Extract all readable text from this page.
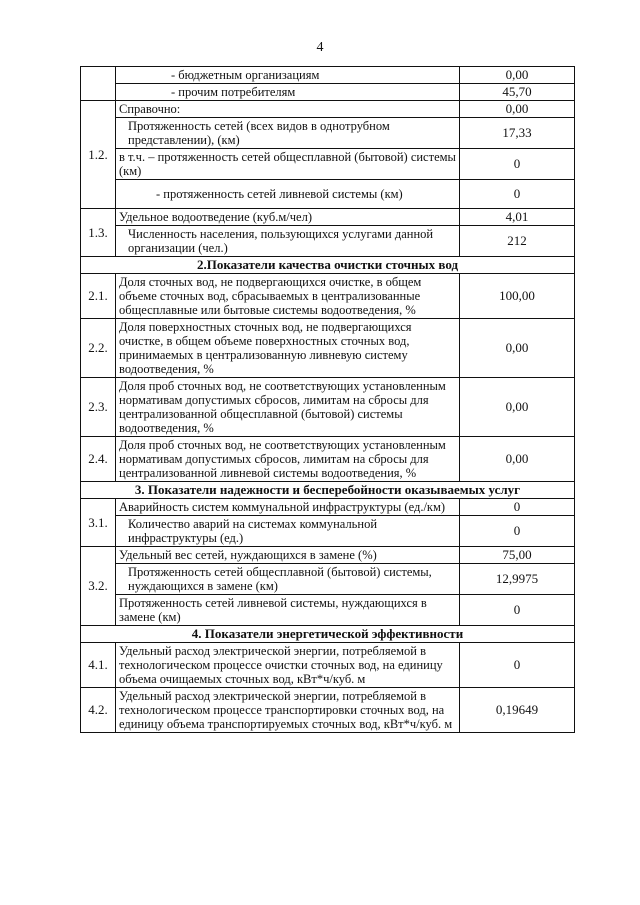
4
	- бюджетным организациям	0,00
	- прочим потребителям	45,70
1.2.	Справочно:	0,00
	Протяженность сетей (всех видов в однотрубном представлении), (км)	17,33
	в т.ч. – протяженность сетей общесплавной (бытовой) системы (км)	0
	- протяженность сетей ливневой системы (км)	0
1.3.	Удельное водоотведение (куб.м/чел)	4,01
	Численность населения, пользующихся услугами данной организации (чел.)	212
2.Показатели качества очистки сточных вод		
2.1.	Доля сточных вод, не подвергающихся очистке, в общем объеме сточных вод, сбрасываемых в централизованные общесплавные или бытовые системы водоотведения, %	100,00
2.2.	Доля поверхностных сточных вод, не подвергающихся очистке, в общем объеме поверхностных сточных вод, принимаемых в централизованную ливневую систему водоотведения, %	0,00
2.3.	Доля проб сточных вод, не соответствующих установленным нормативам допустимых сбросов, лимитам на сбросы для централизованной общесплавной (бытовой) системы водоотведения, %	0,00
2.4.	Доля проб сточных вод, не соответствующих установленным нормативам допустимых сбросов, лимитам на сбросы для централизованной ливневой системы водоотведения, %	0,00
3. Показатели надежности и бесперебойности оказываемых услуг		
3.1.	Аварийность систем коммунальной инфраструктуры (ед./км)	0
	Количество аварий на системах коммунальной инфраструктуры (ед.)	0
3.2.	Удельный вес сетей, нуждающихся в замене (%)	75,00
	Протяженность сетей общесплавной (бытовой) системы, нуждающихся в замене (км)	12,9975
	Протяженность сетей ливневой системы, нуждающихся в замене (км)	0
4. Показатели энергетической эффективности		
4.1.	Удельный расход электрической энергии, потребляемой в технологическом процессе очистки сточных вод, на единицу объема очищаемых сточных вод, кВт*ч/куб. м	0
4.2.	Удельный расход электрической энергии, потребляемой в технологическом процессе транспортировки сточных вод, на единицу объема транспортируемых сточных вод, кВт*ч/куб. м	0,19649
